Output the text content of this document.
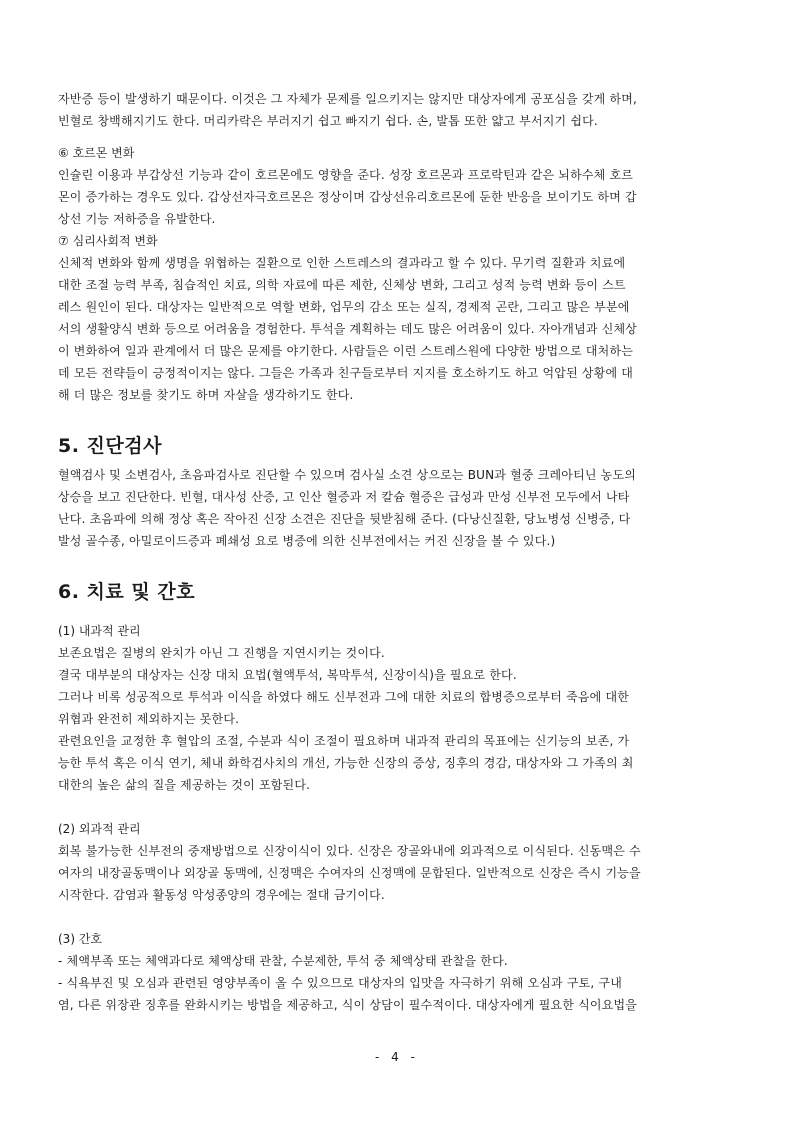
자반증 등이 발생하기 때문이다. 이것은 그 자체가 문제를 일으키지는 않지만 대상자에게 공포심을 갖게 하며,
빈혈로 창백해지기도 한다. 머리카락은 부러지기 쉽고 빠지기 쉽다. 손, 발톱 또한 얇고 부서지기 쉽다.
⑥ 호르몬 변화
인슐린 이용과 부갑상선 기능과 같이 호르몬에도 영향을 준다. 성장 호르몬과 프로락틴과 같은 뇌하수체 호르
몬이 증가하는 경우도 있다. 갑상선자극호르몬은 정상이며 갑상선유리호르몬에 둔한 반응을 보이기도 하며 갑
상선 기능 저하증을 유발한다.
⑦ 심리사회적 변화
신체적 변화와 함께 생명을 위협하는 질환으로 인한 스트레스의 결과라고 할 수 있다. 무기력 질환과 치료에
대한 조절 능력 부족, 침습적인 치료, 의학 자료에 따른 제한, 신체상 변화, 그리고 성적 능력 변화 등이 스트
레스 원인이 된다. 대상자는 일반적으로 역할 변화, 업무의 감소 또는 실직, 경제적 곤란, 그리고 많은 부분에
서의 생활양식 변화 등으로 어려움을 경험한다. 투석을 계획하는 데도 많은 어려움이 있다. 자아개념과 신체상
이 변화하여 일과 관계에서 더 많은 문제를 야기한다. 사람들은 이런 스트레스원에 다양한 방법으로 대처하는
데 모든 전략들이 긍정적이지는 않다. 그들은 가족과 친구들로부터 지지를 호소하기도 하고 억압된 상황에 대
해 더 많은 정보를 찾기도 하며 자살을 생각하기도 한다.
5. 진단검사
혈액검사 및 소변검사, 초음파검사로 진단할 수 있으며 검사실 소견 상으로는 BUN과 혈중 크레아티닌 농도의
상승을 보고 진단한다. 빈혈, 대사성 산증, 고 인산 혈증과 저 칼슘 혈증은 급성과 만성 신부전 모두에서 나타
난다. 초음파에 의해 정상 혹은 작아진 신장 소견은 진단을 뒷받침해 준다. (다낭신질환, 당뇨병성 신병증, 다
발성 골수종, 아밀로이드증과 폐쇄성 요로 병증에 의한 신부전에서는 커진 신장을 볼 수 있다.)
6. 치료 및 간호
(1) 내과적 관리
보존요법은 질병의 완치가 아닌 그 진행을 지연시키는 것이다.
결국 대부분의 대상자는 신장 대치 요법(혈액투석, 복막투석, 신장이식)을 필요로 한다.
그러나 비록 성공적으로 투석과 이식을 하였다 해도 신부전과 그에 대한 치료의 합병증으로부터 죽음에 대한
위협과 완전히 제외하지는 못한다.
관련요인을 교정한 후 혈압의 조절, 수분과 식이 조절이 필요하며 내과적 관리의 목표에는 신기능의 보존, 가
능한 투석 혹은 이식 연기, 체내 화학검사치의 개선, 가능한 신장의 증상, 징후의 경감, 대상자와 그 가족의 최
대한의 높은 삶의 질을 제공하는 것이 포함된다.
(2) 외과적 관리
회복 불가능한 신부전의 중재방법으로 신장이식이 있다. 신장은 장골와내에 외과적으로 이식된다. 신동맥은 수
여자의 내장골동맥이나 외장골 동맥에, 신정맥은 수여자의 신정맥에 문합된다. 일반적으로 신장은 즉시 기능을
시작한다. 감염과 활동성 악성종양의 경우에는 절대 금기이다.
(3) 간호
- 체액부족 또는 체액과다로 체액상태 관찰, 수분제한, 투석 중 체액상태 관찰을 한다.
- 식욕부진 및 오심과 관련된 영양부족이 올 수 있으므로 대상자의 입맛을 자극하기 위해 오심과 구토, 구내
염, 다른 위장관 징후를 완화시키는 방법을 제공하고, 식이 상담이 필수적이다. 대상자에게 필요한 식이요법을
- 4 -
